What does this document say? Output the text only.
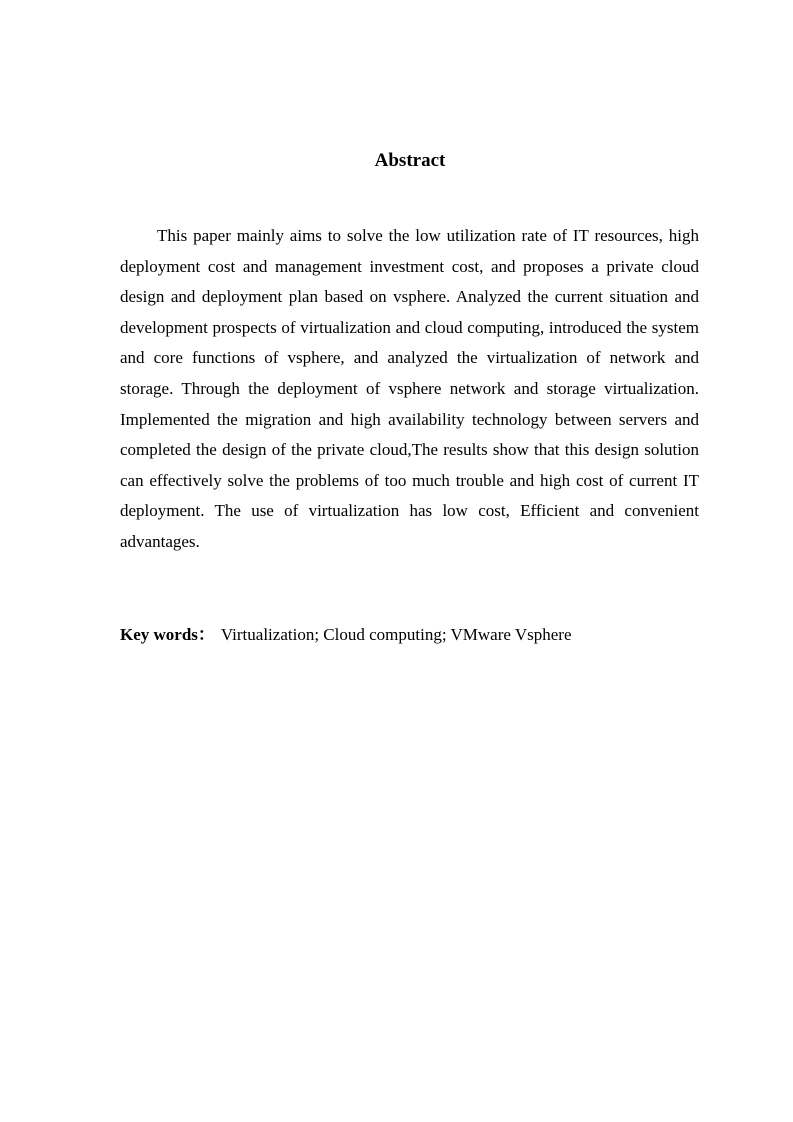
Abstract

This paper mainly aims to solve the low utilization rate of IT resources, high deployment cost and management investment cost, and proposes a private cloud design and deployment plan based on vsphere. Analyzed the current situation and development prospects of virtualization and cloud computing, introduced the system and core functions of vsphere, and analyzed the virtualization of network and storage. Through the deployment of vsphere network and storage virtualization. Implemented the migration and high availability technology between servers and completed the design of the private cloud,The results show that this design solution can effectively solve the problems of too much trouble and high cost of current IT deployment. The use of virtualization has low cost, Efficient and convenient advantages.

Key words： Virtualization; Cloud computing; VMware Vsphere
